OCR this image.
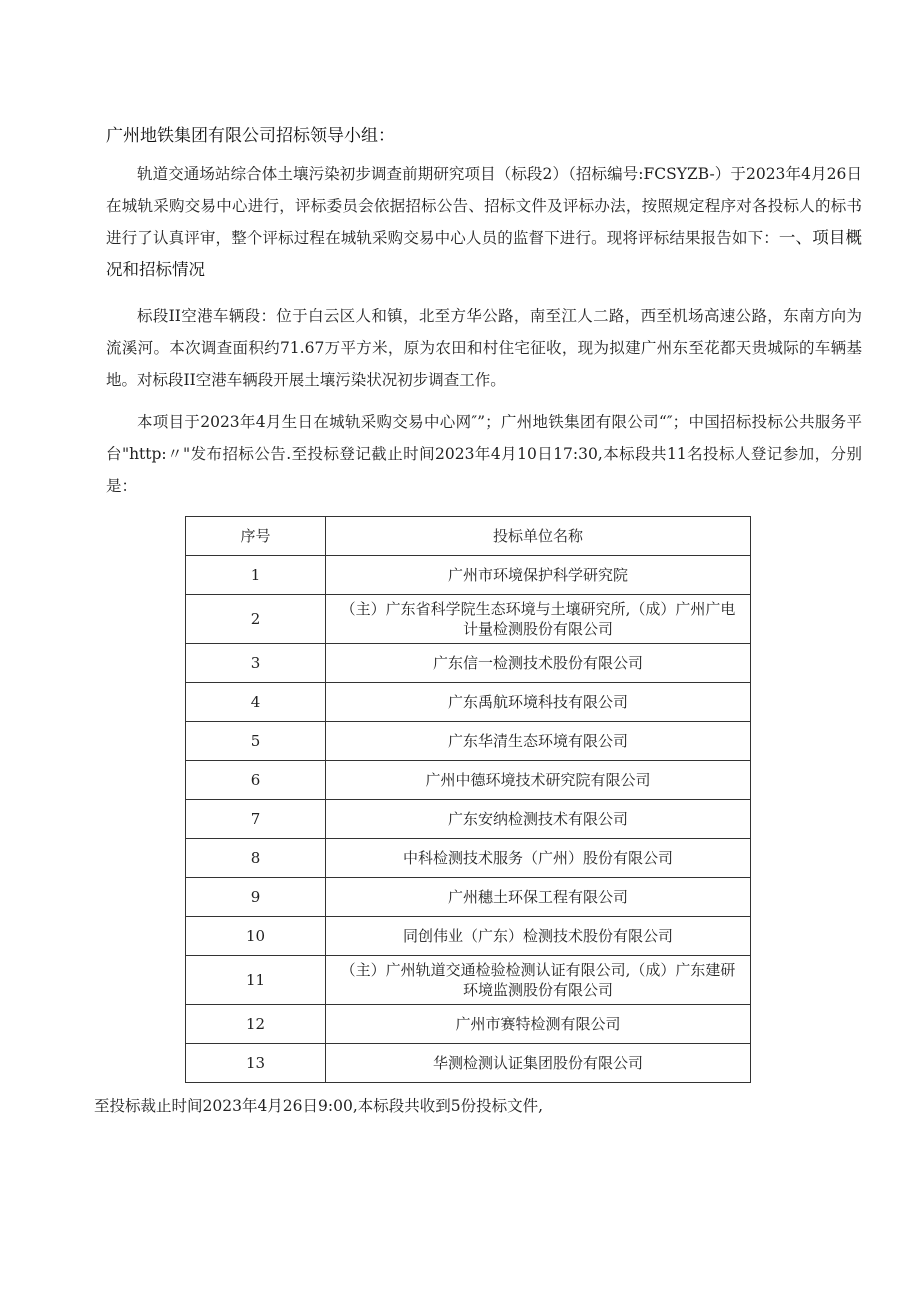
广州地铁集团有限公司招标领导小组：

轨道交通场站综合体土壤污染初步调查前期研究项目（标段2）（招标编号:FCSYZB-）于2023年4月26日在城轨采购交易中心进行，评标委员会依据招标公告、招标文件及评标办法，按照规定程序对各投标人的标书进行了认真评审，整个评标过程在城轨采购交易中心人员的监督下进行。现将评标结果报告如下：一、项目概况和招标情况

标段II空港车辆段：位于白云区人和镇，北至方华公路，南至江人二路，西至机场高速公路，东南方向为流溪河。本次调查面积约71.67万平方米，原为农田和村住宅征收，现为拟建广州东至花都天贵城际的车辆基地。对标段II空港车辆段开展土壤污染状况初步调查工作。

本项目于2023年4月生日在城轨采购交易中心网″”；广州地铁集团有限公司“″；中国招标投标公共服务平台"http:〃"发布招标公告.至投标登记截止时间2023年4月10日17:30,本标段共11名投标人登记参加，分别是：

序号	投标单位名称
1	广州市环境保护科学研究院
2	（主）广东省科学院生态环境与土壤研究所,（成）广州广电计量检测股份有限公司
3	广东信一检测技术股份有限公司
4	广东禹航环境科技有限公司
5	广东华清生态环境有限公司
6	广州中德环境技术研究院有限公司
7	广东安纳检测技术有限公司
8	中科检测技术服务（广州）股份有限公司
9	广州穗土环保工程有限公司
10	同创伟业（广东）检测技术股份有限公司
11	（主）广州轨道交通检验检测认证有限公司,（成）广东建研环境监测股份有限公司
12	广州市赛特检测有限公司
13	华测检测认证集团股份有限公司
至投标裁止时间2023年4月26日9:00,本标段共收到5份投标文件,
